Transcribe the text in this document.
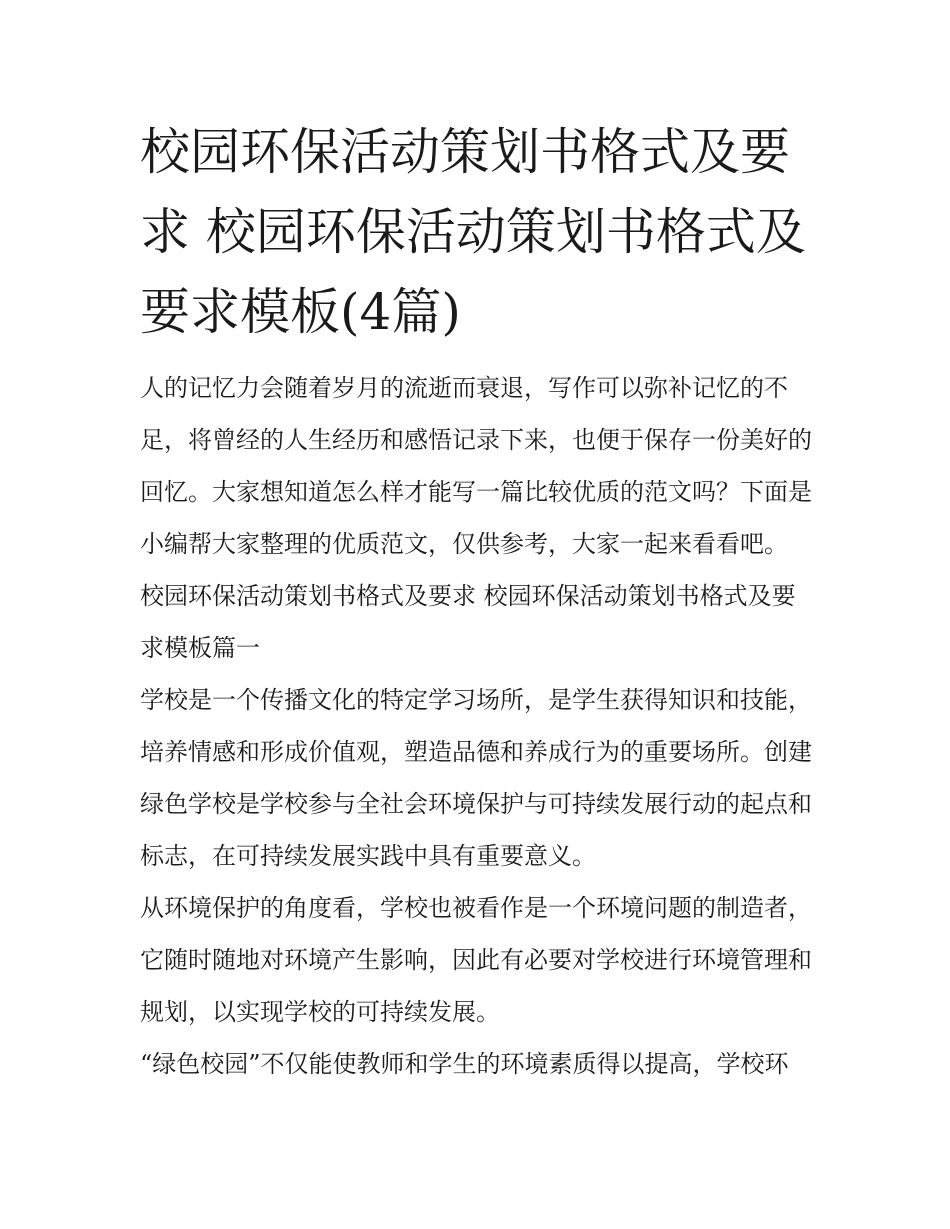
校园环保活动策划书格式及要求 校园环保活动策划书格式及要求模板(4篇)

人的记忆力会随着岁月的流逝而衰退，写作可以弥补记忆的不足，将曾经的人生经历和感悟记录下来，也便于保存一份美好的回忆。大家想知道怎么样才能写一篇比较优质的范文吗？下面是小编帮大家整理的优质范文，仅供参考，大家一起来看看吧。

校园环保活动策划书格式及要求 校园环保活动策划书格式及要求模板篇一

学校是一个传播文化的特定学习场所，是学生获得知识和技能，培养情感和形成价值观，塑造品德和养成行为的重要场所。创建绿色学校是学校参与全社会环境保护与可持续发展行动的起点和标志，在可持续发展实践中具有重要意义。

从环境保护的角度看，学校也被看作是一个环境问题的制造者，它随时随地对环境产生影响，因此有必要对学校进行环境管理和规划，以实现学校的可持续发展。

“绿色校园”不仅能使教师和学生的环境素质得以提高，学校环
